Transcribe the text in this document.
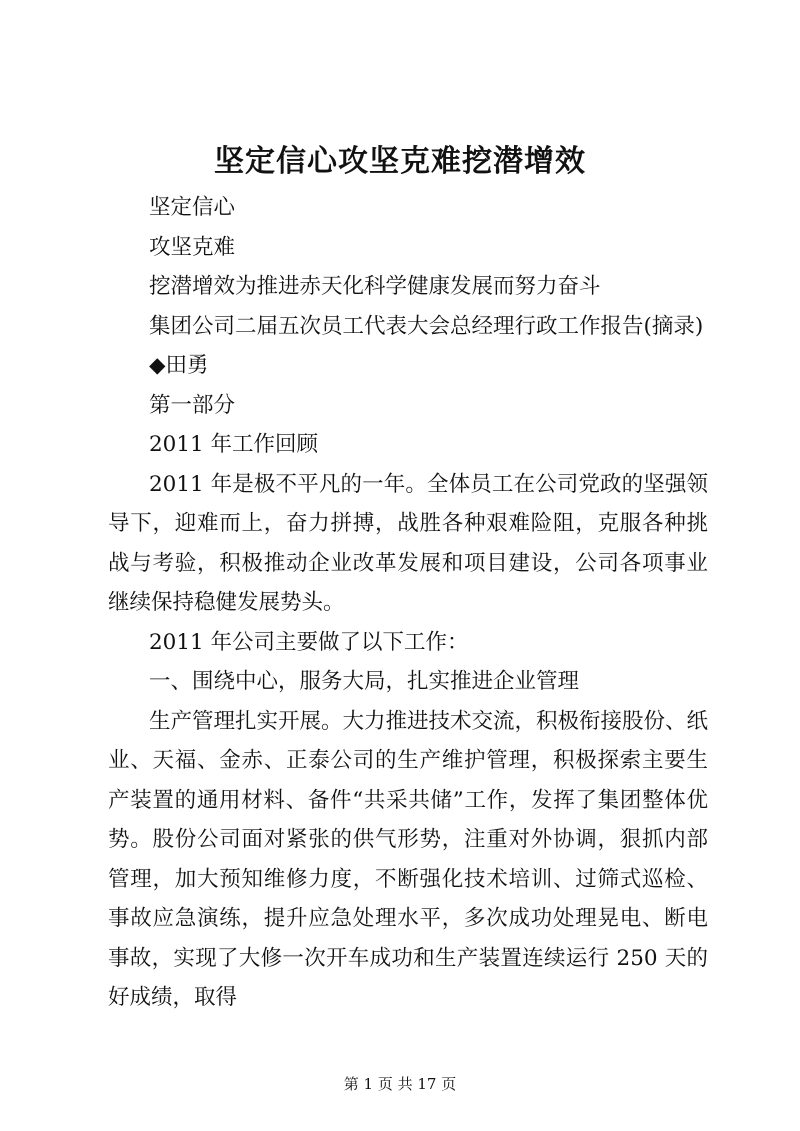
坚定信心攻坚克难挖潜增效
坚定信心
攻坚克难
挖潜增效为推进赤天化科学健康发展而努力奋斗
集团公司二届五次员工代表大会总经理行政工作报告(摘录)
◆田勇
第一部分
2011 年工作回顾
2011 年是极不平凡的一年。全体员工在公司党政的坚强领导下，迎难而上，奋力拼搏，战胜各种艰难险阻，克服各种挑战与考验，积极推动企业改革发展和项目建设，公司各项事业继续保持稳健发展势头。
2011 年公司主要做了以下工作：
一、围绕中心，服务大局，扎实推进企业管理
生产管理扎实开展。大力推进技术交流，积极衔接股份、纸业、天福、金赤、正泰公司的生产维护管理，积极探索主要生产装置的通用材料、备件“共采共储”工作，发挥了集团整体优势。股份公司面对紧张的供气形势，注重对外协调，狠抓内部管理，加大预知维修力度，不断强化技术培训、过筛式巡检、事故应急演练，提升应急处理水平，多次成功处理晃电、断电事故，实现了大修一次开车成功和生产装置连续运行 250 天的好成绩，取得
第 1 页 共 17 页
